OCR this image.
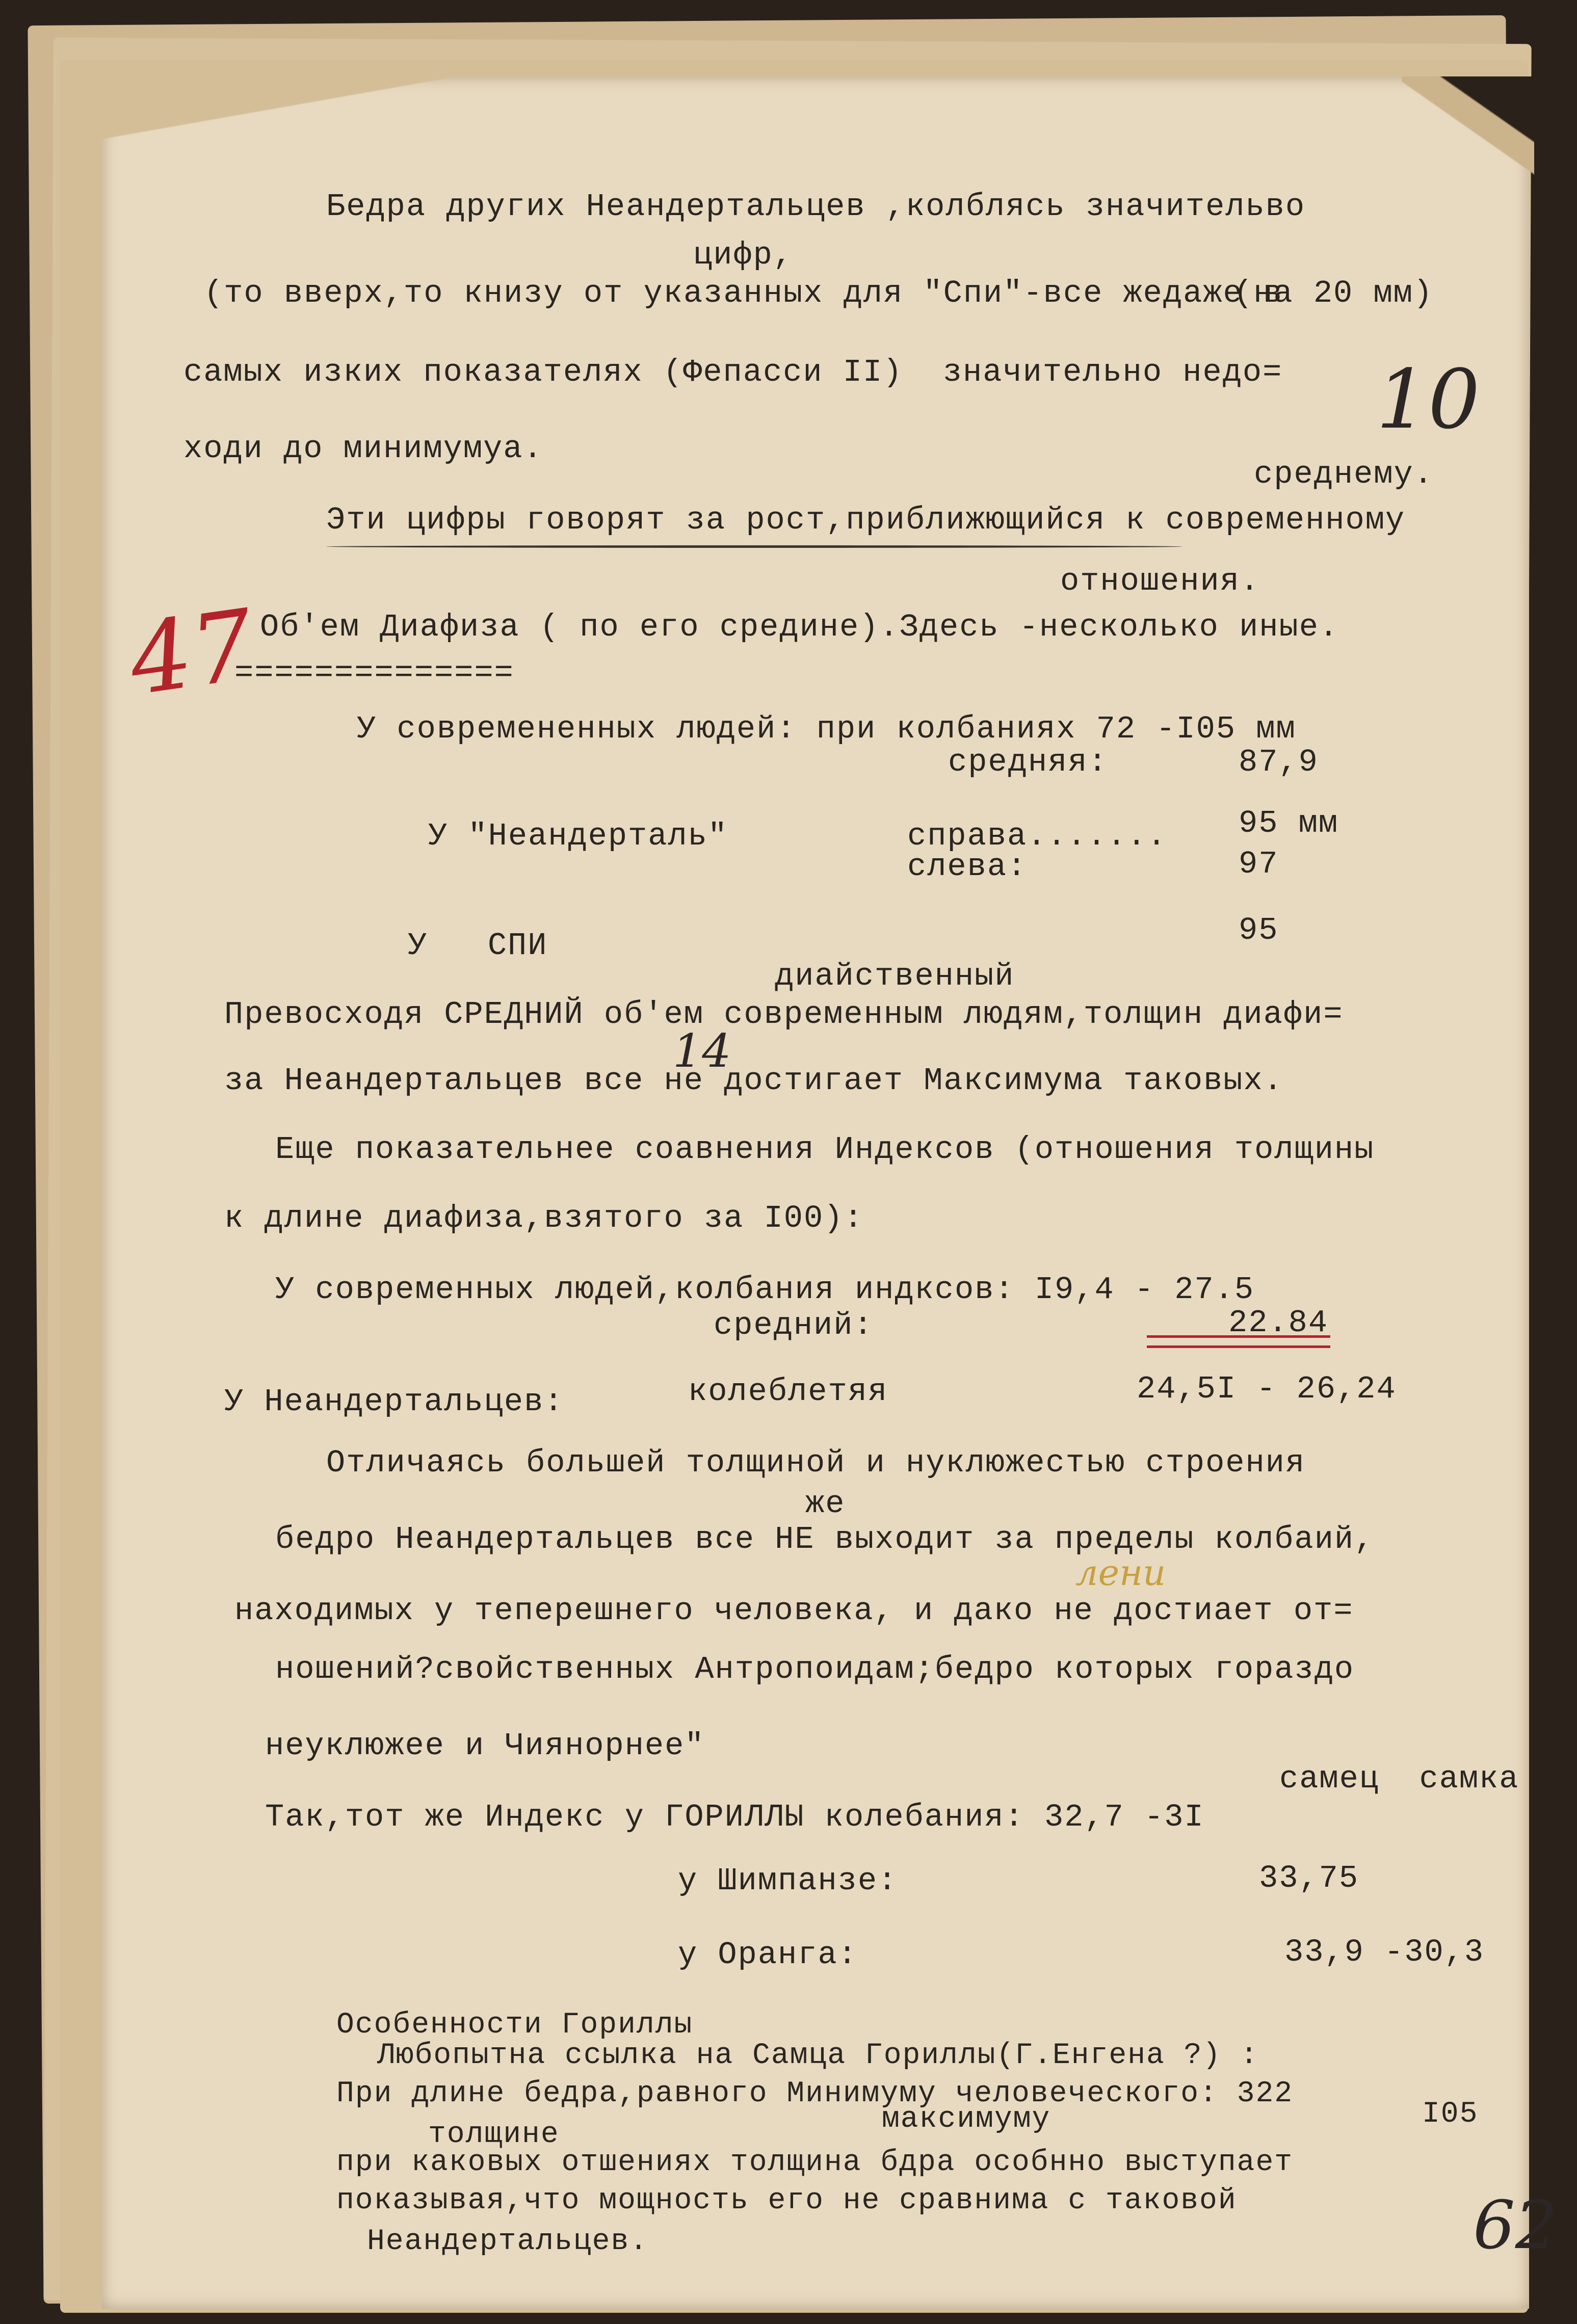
Бедра других Неандертальцев ,колблясь значительво
цифр,
(то вверх,то книзу от указанных для "Спи"-все жедаже в
(на 20 мм)
самых изких показателях (Фепасси II)  значительно недо=
ходи до минимумуа.
среднему.
Эти цифры говорят за рост,приближющийся к современному
отношения.
Об'ем Диафиза ( по его средине).Здесь -несколько иные.
==============
У современенных людей: при колбаниях 72 -I05 мм
средняя:	87,9
У "Неандерталь"	справа....... 95 мм
слева:	97
У   СПИ	95
диайственный
Превосходя СРЕДНИЙ об'ем современным людям,толщин диафи=
за Неандертальцев все не достигает Максимума таковых.
Еще показательнее соавнения Индексов (отношения толщины
к длине диафиза,взятого за I00):
У современных людей,колбания индксов: I9,4 - 27.5
средний:	22.84
У Неандертальцев:	колеблетяя	24,5I - 26,24
Отличаясь большей толщиной и нуклюжестью строения
же
бедро Неандертальцев все НЕ выходит за пределы колбаий,
находимых у теперешнего человека, и дако не достиает от=
ношений?свойственных Антропоидам;бедро которых гораздо
неуклюжее и Чиянорнее"
самец  самка
Так,тот же Индекс у ГОРИЛЛЫ колебания: 32,7 -3I
у Шимпанзе:	33,75
у Оранга:	33,9 -30,3
Особенности Гориллы
Любопытна ссылка на Самца Гориллы(Г.Енгена ?) :
При длине бедра,равного Минимуму человеческого: 322
максимуму	I05
толщине
при каковых отшениях толщина бдра особнно выступает
показывая,что мощность его не сравнима с таковой
Неандертальцев.
10
47
14
лени
62
